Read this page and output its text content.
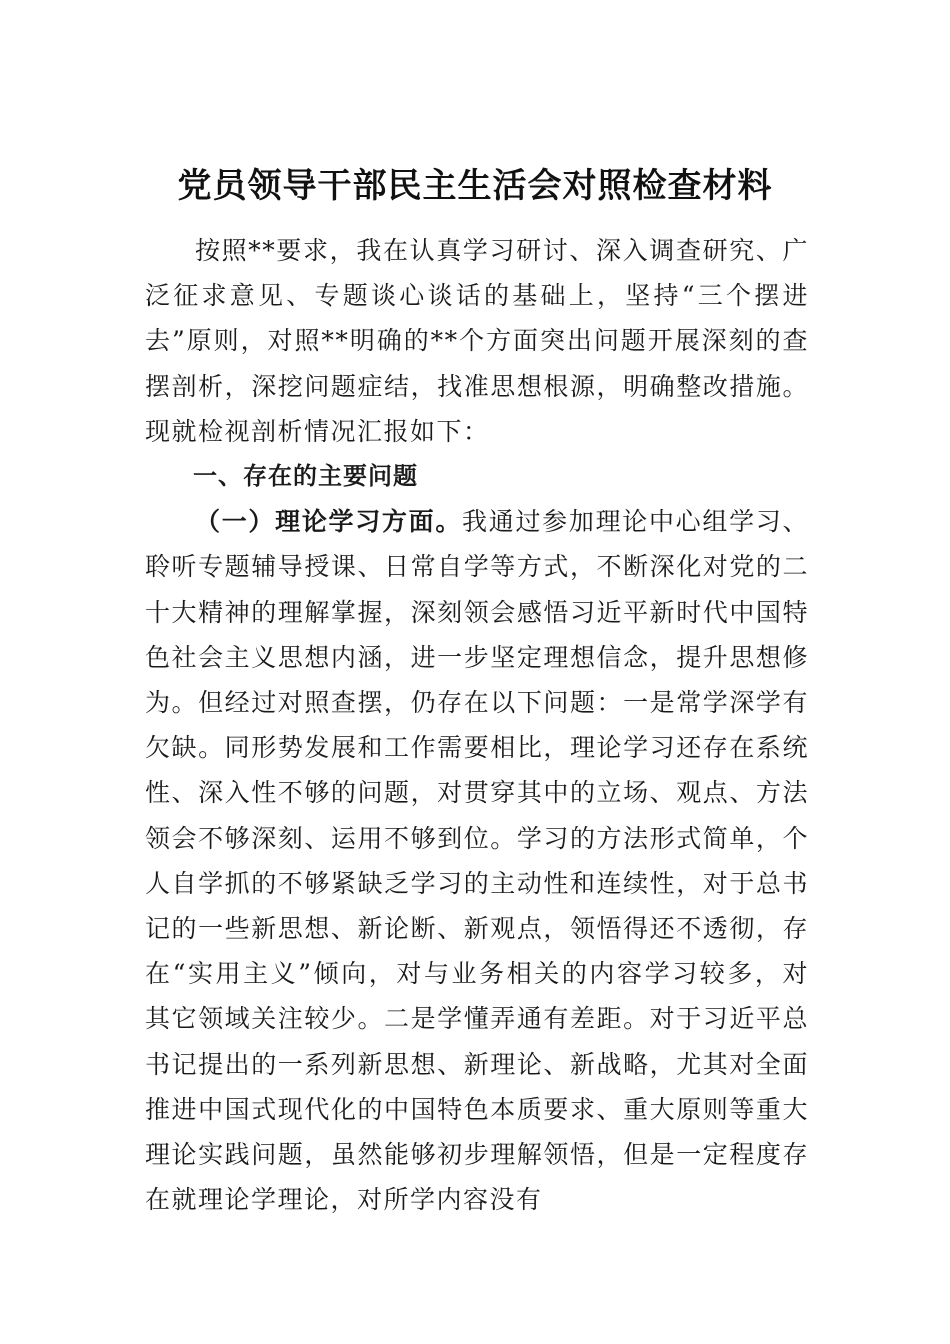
党员领导干部民主生活会对照检查材料

按照**要求，我在认真学习研讨、深入调查研究、广泛征求意见、专题谈心谈话的基础上，坚持“三个摆进去”原则，对照**明确的**个方面突出问题开展深刻的查摆剖析，深挖问题症结，找准思想根源，明确整改措施。现就检视剖析情况汇报如下：

一、存在的主要问题

（一）理论学习方面。我通过参加理论中心组学习、聆听专题辅导授课、日常自学等方式，不断深化对党的二十大精神的理解掌握，深刻领会感悟习近平新时代中国特色社会主义思想内涵，进一步坚定理想信念，提升思想修为。但经过对照查摆，仍存在以下问题：一是常学深学有欠缺。同形势发展和工作需要相比，理论学习还存在系统性、深入性不够的问题，对贯穿其中的立场、观点、方法领会不够深刻、运用不够到位。学习的方法形式简单，个人自学抓的不够紧缺乏学习的主动性和连续性，对于总书记的一些新思想、新论断、新观点，领悟得还不透彻，存在“实用主义”倾向，对与业务相关的内容学习较多，对其它领域关注较少。二是学懂弄通有差距。对于习近平总书记提出的一系列新思想、新理论、新战略，尤其对全面推进中国式现代化的中国特色本质要求、重大原则等重大理论实践问题，虽然能够初步理解领悟，但是一定程度存在就理论学理论，对所学内容没有
